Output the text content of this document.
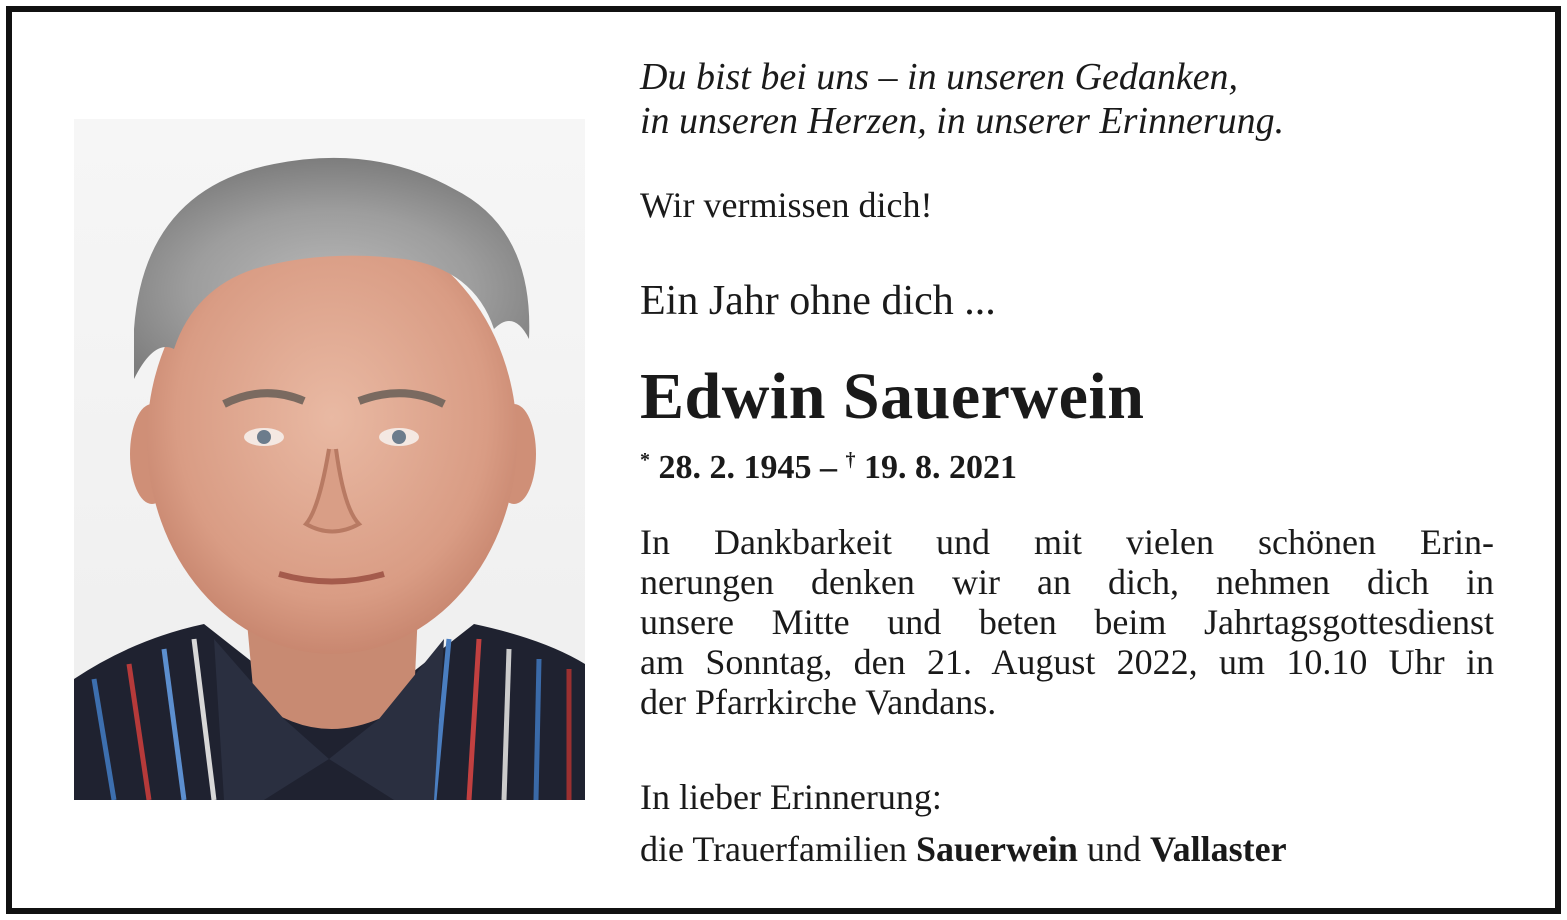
Du bist bei uns – in unseren Gedanken,
in unseren Herzen, in unserer Erinnerung.

Wir vermissen dich!

Ein Jahr ohne dich ...

Edwin Sauerwein

* 28. 2. 1945 – † 19. 8. 2021

In Dankbarkeit und mit vielen schönen Erin-
nerungen denken wir an dich, nehmen dich in
unsere Mitte und beten beim Jahrtagsgottesdienst
am Sonntag, den 21. August 2022, um 10.10 Uhr in
der Pfarrkirche Vandans.

In lieber Erinnerung:

die Trauerfamilien Sauerwein und Vallaster
